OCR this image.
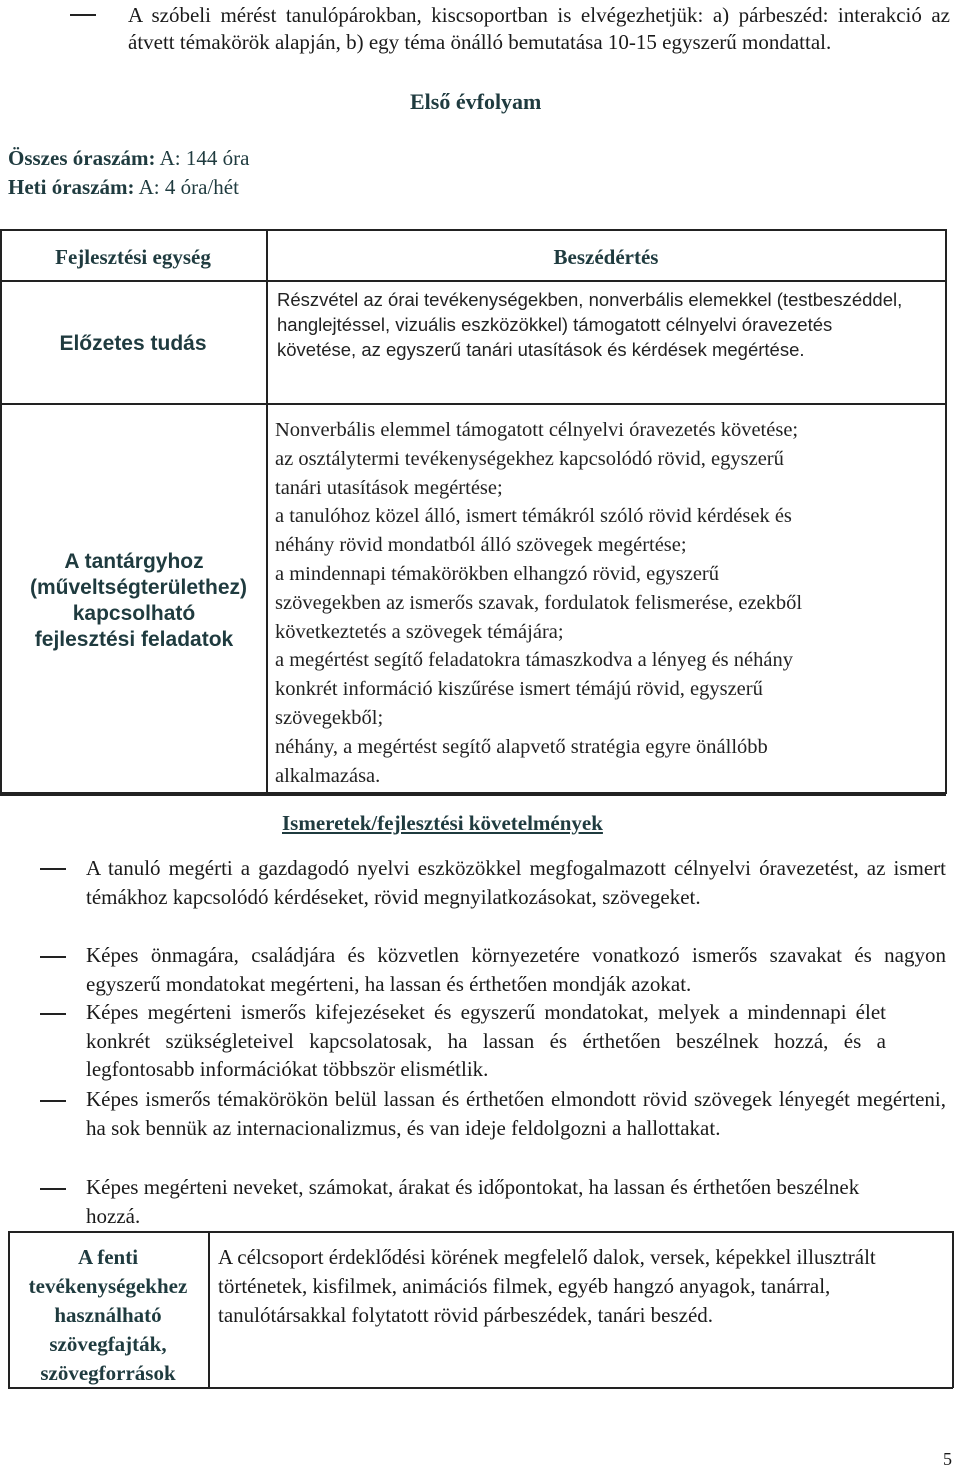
A szóbeli mérést tanulópárokban, kiscsoportban is elvégezhetjük: a) párbeszéd: interakció az átvett témakörök alapján, b) egy téma önálló bemutatása 10-15 egyszerű mondattal.
Első évfolyam
Összes óraszám: A: 144 óra
Heti óraszám: A: 4 óra/hét
Fejlesztési egység	Beszédértés
Előzetes tudás
Részvétel az órai tevékenységekben, nonverbális elemekkel (testbeszéddel, hanglejtéssel, vizuális eszközökkel) támogatott célnyelvi óravezetés követése, az egyszerű tanári utasítások és kérdések megértése.
A tantárgyhoz (műveltségterülethez) kapcsolható fejlesztési feladatok
Nonverbális elemmel támogatott célnyelvi óravezetés követése;
az osztálytermi tevékenységekhez kapcsolódó rövid, egyszerű
tanári utasítások megértése;
a tanulóhoz közel álló, ismert témákról szóló rövid kérdések és
néhány rövid mondatból álló szövegek megértése;
a mindennapi témakörökben elhangzó rövid, egyszerű
szövegekben az ismerős szavak, fordulatok felismerése, ezekből
következtetés a szövegek témájára;
a megértést segítő feladatokra támaszkodva a lényeg és néhány
konkrét információ kiszűrése ismert témájú rövid, egyszerű
szövegekből;
néhány, a megértést segítő alapvető stratégia egyre önállóbb
alkalmazása.
Ismeretek/fejlesztési követelmények
A tanuló megérti a gazdagodó nyelvi eszközökkel megfogalmazott célnyelvi óravezetést, az ismert témákhoz kapcsolódó kérdéseket, rövid megnyilatkozásokat, szövegeket.
Képes önmagára, családjára és közvetlen környezetére vonatkozó ismerős szavakat és nagyon egyszerű mondatokat megérteni, ha lassan és érthetően mondják azokat.
Képes megérteni ismerős kifejezéseket és egyszerű mondatokat, melyek a mindennapi élet konkrét szükségleteivel kapcsolatosak, ha lassan és érthetően beszélnek hozzá, és a legfontosabb információkat többször elismétlik.
Képes ismerős témakörökön belül lassan és érthetően elmondott rövid szövegek lényegét megérteni, ha sok bennük az internacionalizmus, és van ideje feldolgozni a hallottakat.
Képes megérteni neveket, számokat, árakat és időpontokat, ha lassan és érthetően beszélnek hozzá.
A fenti tevékenységekhez használható szövegfajták, szövegforrások
A célcsoport érdeklődési körének megfelelő dalok, versek, képekkel illusztrált történetek, kisfilmek, animációs filmek, egyéb hangzó anyagok, tanárral, tanulótársakkal folytatott rövid párbeszédek, tanári beszéd.
5
